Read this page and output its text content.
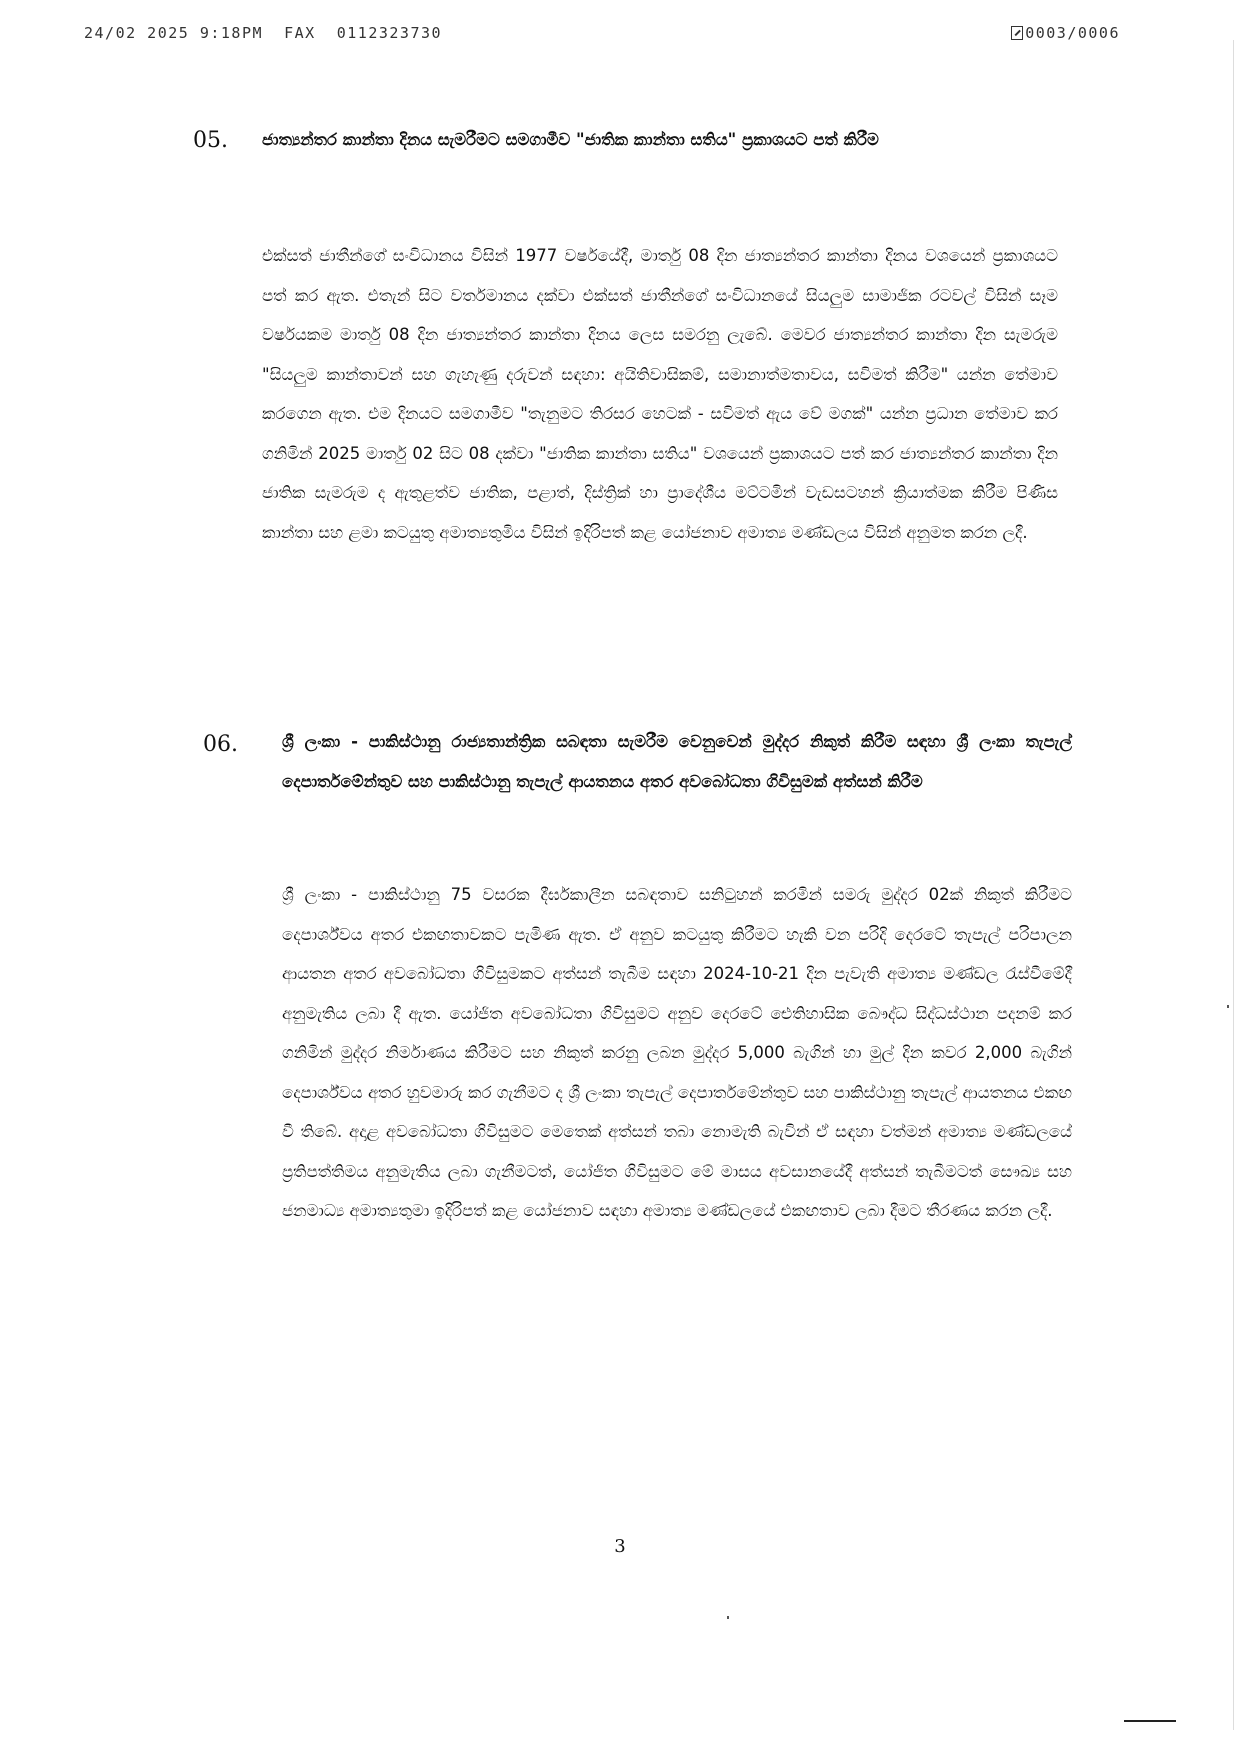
24/02 2025 9:18PM  FAX  0112323730	0003/0006
05. ජාත්‍යන්තර කාන්තා දිනය සැමරීමට සමගාමීව "ජාතික කාන්තා සතිය" ප්‍රකාශයට පත් කිරීම

එක්සත් ජාතීන්ගේ සංවිධානය විසින් 1977 වර්ෂයේදී, මාර්තු 08 දින ජාත්‍යන්තර කාන්තා දිනය වශයෙන් ප්‍රකාශයට පත් කර ඇත. එතැන් සිට වර්තමානය දක්වා එක්සත් ජාතීන්ගේ සංවිධානයේ සියලුම සාමාජික රටවල් විසින් සෑම වර්ෂයකම මාර්තු 08 දින ජාත්‍යන්තර කාන්තා දිනය ලෙස සමරනු ලැබේ. මෙවර ජාත්‍යන්තර කාන්තා දින සැමරුම "සියලුම කාන්තාවන් සහ ගැහැණු දරුවන් සඳහා: අයිතිවාසිකම්, සමානාත්මතාවය, සවිමත් කිරීම" යන්න තේමාව කරගෙන ඇත. එම දිනයට සමගාමීව "තැනුමට තිරසර හෙටක් - සවිමත් ඇය වේ මගක්" යන්න ප්‍රධාන තේමාව කර ගනිමින් 2025 මාර්තු 02 සිට 08 දක්වා "ජාතික කාන්තා සතිය" වශයෙන් ප්‍රකාශයට පත් කර ජාත්‍යන්තර කාන්තා දින ජාතික සැමරුම ද ඇතුළත්ව ජාතික, පළාත්, දිස්ත්‍රික් හා ප්‍රාදේශීය මට්ටමින් වැඩසටහන් ක්‍රියාත්මක කිරීම පිණිස කාන්තා සහ ළමා කටයුතු අමාත්‍යතුමිය විසින් ඉදිරිපත් කළ යෝජනාව අමාත්‍ය මණ්ඩලය විසින් අනුමත කරන ලදී.

06.	ශ්‍රී ලංකා - පාකිස්ථානු රාජ්‍යතාන්ත්‍රික සබඳතා සැමරීම වෙනුවෙන් මුද්දර නිකුත් කිරීම සඳහා ශ්‍රී ලංකා තැපැල් දෙපාර්තමේන්තුව සහ පාකිස්ථානු තැපැල් ආයතනය අතර අවබෝධතා ගිවිසුමක් අත්සන් කිරීම

ශ්‍රී ලංකා - පාකිස්ථානු 75 වසරක දීර්ඝකාලීන සබඳතාව සනිටුහන් කරමින් සමරු මුද්දර 02ක් නිකුත් කිරීමට දෙපාර්ශ්වය අතර එකඟතාවකට පැමිණ ඇත. ඒ අනුව කටයුතු කිරීමට හැකි වන පරිදි දෙරටේ තැපැල් පරිපාලන ආයතන අතර අවබෝධතා ගිවිසුමකට අත්සන් තැබීම සඳහා 2024-10-21 දින පැවැති අමාත්‍ය මණ්ඩල රැස්වීමේදී අනුමැතිය ලබා දී ඇත. යෝජිත අවබෝධතා ගිවිසුමට අනුව දෙරටේ ඓතිහාසික බෞද්ධ සිද්ධස්ථාන පදනම් කර ගනිමින් මුද්දර නිර්මාණය කිරීමට සහ නිකුත් කරනු ලබන මුද්දර 5,000 බැගින් හා මුල් දින කවර 2,000 බැගින් දෙපාර්ශ්වය අතර හුවමාරු කර ගැනීමට ද ශ්‍රී ලංකා තැපැල් දෙපාර්තමේන්තුව සහ පාකිස්ථානු තැපැල් ආයතනය එකඟ වී තිබේ. අදාළ අවබෝධතා ගිවිසුමට මෙතෙක් අත්සන් තබා නොමැති බැවින් ඒ සඳහා වත්මන් අමාත්‍ය මණ්ඩලයේ ප්‍රතිපත්තිමය අනුමැතිය ලබා ගැනීමටත්, යෝජිත ගිවිසුමට මේ මාසය අවසානයේදී අත්සන් තැබීමටත් සෞඛ්‍ය සහ ජනමාධ්‍ය අමාත්‍යතුමා ඉදිරිපත් කළ යෝජනාව සඳහා අමාත්‍ය මණ්ඩලයේ එකඟතාව ලබා දීමට තීරණය කරන ලදී.

3
